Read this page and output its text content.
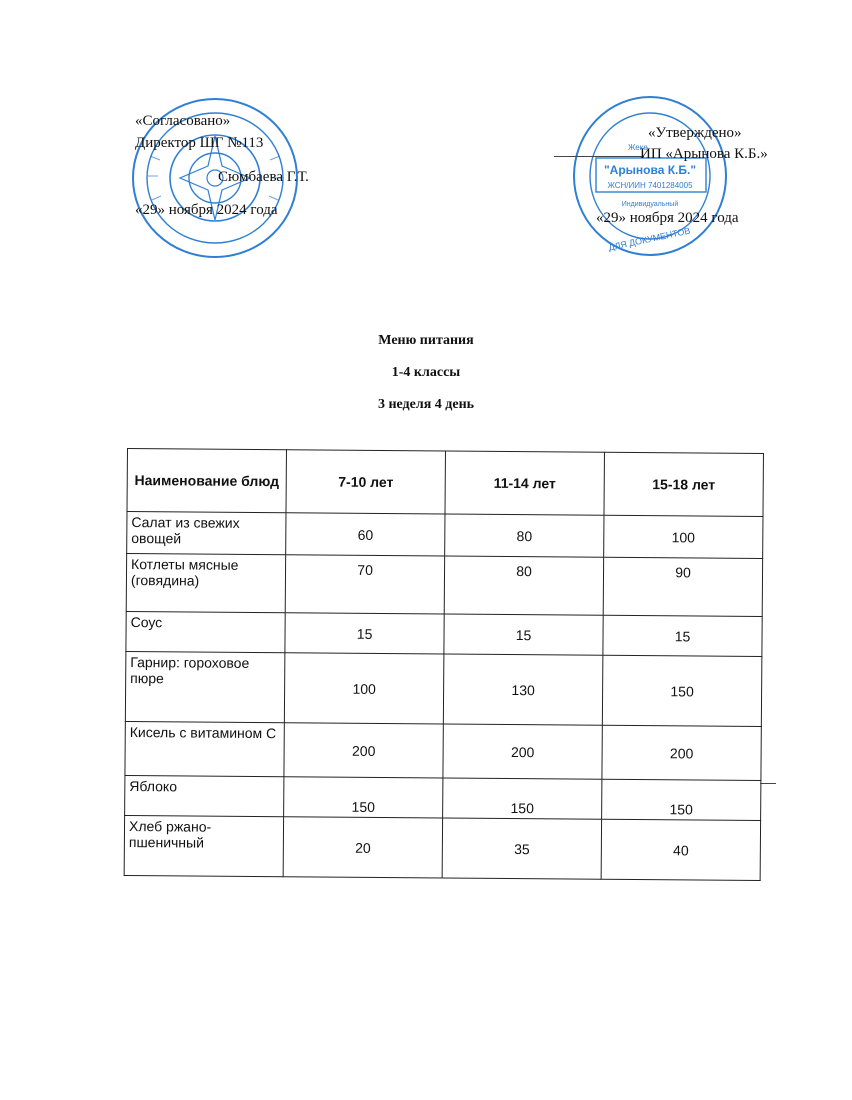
"Арынова К.Б."
ЖСН/ИИН 7401284005
Жеке
Индивидуальный
ДЛЯ ДОКУМЕНТОВ
«Согласовано»
Директор ШГ №113
Сюмбаева Г.Т.
«29» ноября 2024 года
«Утверждено»
ИП «Арынова К.Б.»
«29» ноября 2024 года
Меню питания
1-4 классы
3 неделя 4 день
Наименование блюд	7-10 лет	11-14 лет	15-18 лет
Салат из свежих овощей	60	80	100
Котлеты мясные (говядина)	70	80	90
Соус	15	15	15
Гарнир: гороховое пюре	100	130	150
Кисель с витамином С	200	200	200
Яблоко	150	150	150
Хлеб ржано-пшеничный	20	35	40
